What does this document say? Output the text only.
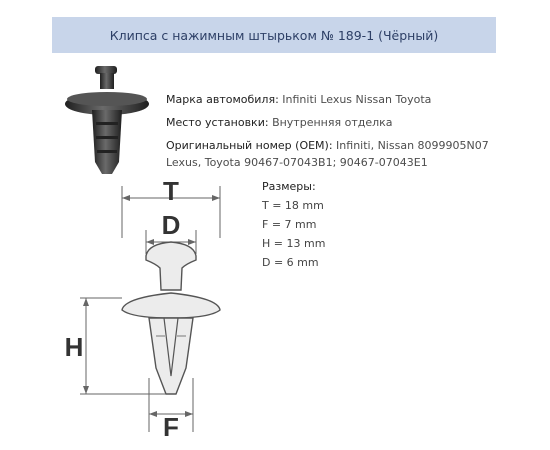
Клипса с нажимным штырьком № 189-1 (Чёрный)
Марка автомобиля: Infiniti Lexus Nissan Toyota
Место установки: Внутренняя отделка
Оригинальный номер (OEM): Infiniti, Nissan 8099905N07
Lexus, Toyota 90467-07043B1; 90467-07043E1
Размеры:
T = 18 mm
F = 7 mm
H = 13 mm
D = 6 mm
T
D
H
F
